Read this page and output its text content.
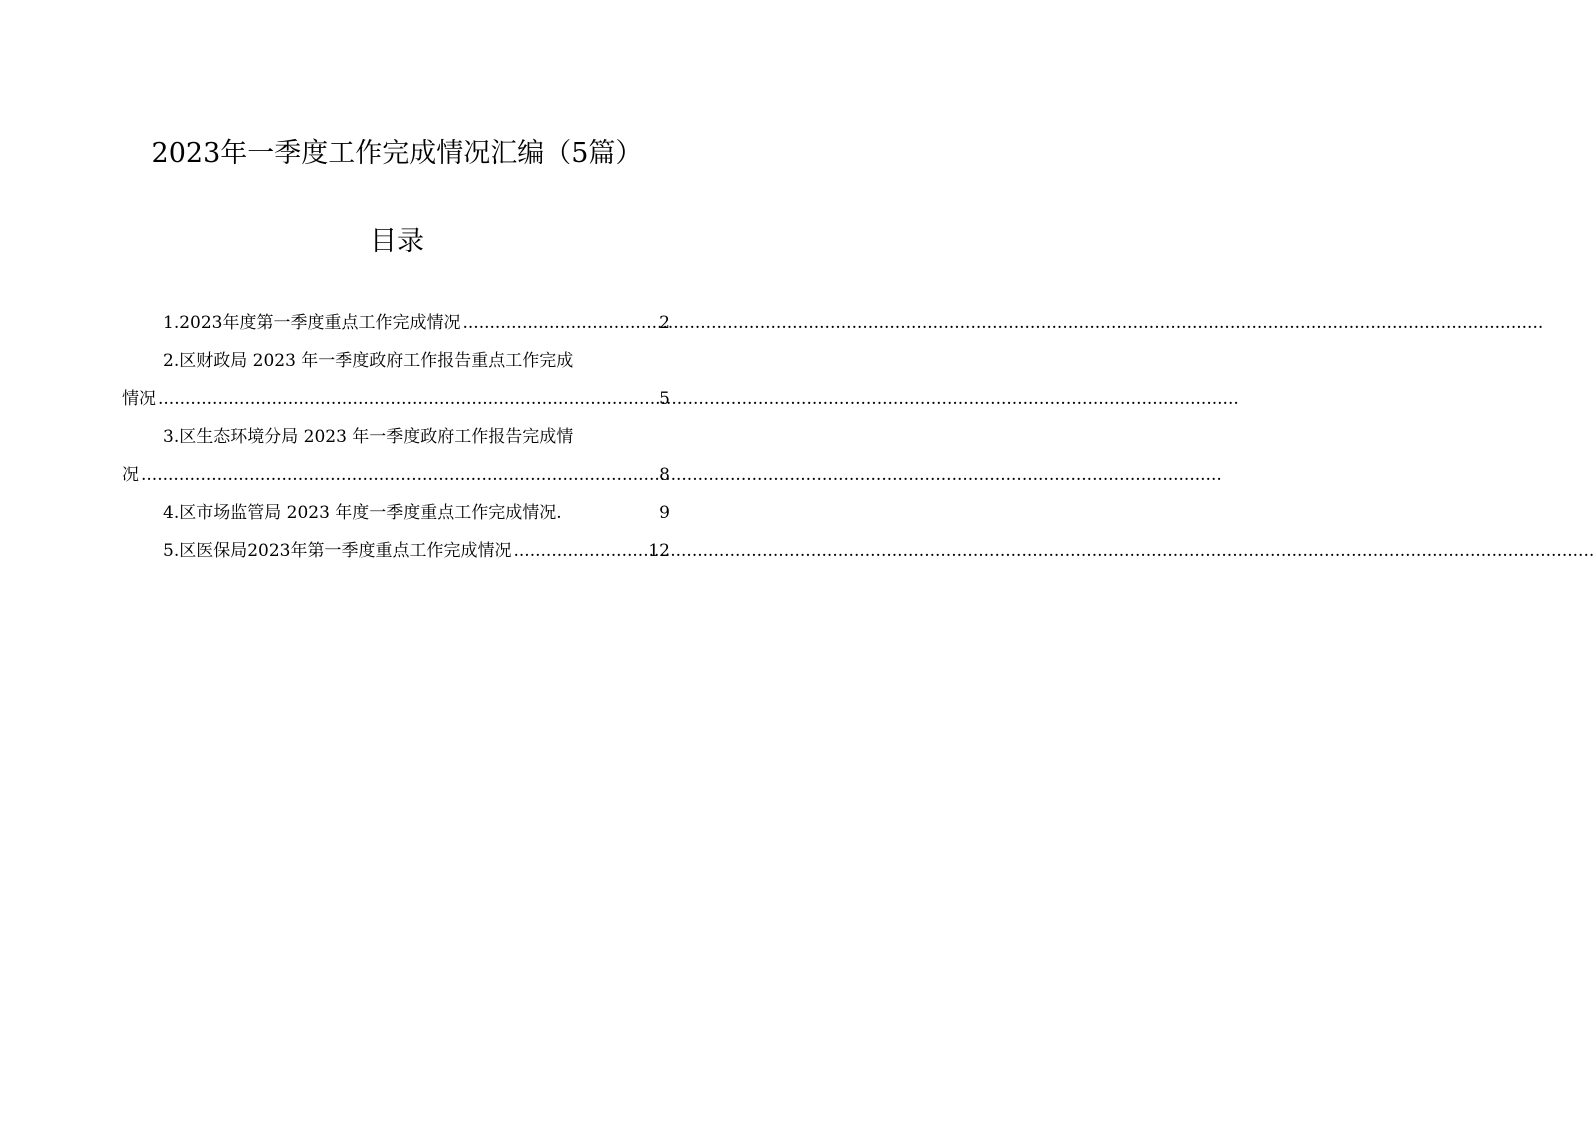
2023年一季度工作完成情况汇编（5篇）
目录
1. 2023年度第一季度重点工作完成情况 .....	2
2. 区财政局 2023 年一季度政府工作报告重点工作完成
情况 .....	5
3. 区生态环境分局 2023 年一季度政府工作报告完成情
况 .....	8
4. 区市场监管局 2023 年度一季度重点工作完成情况.	9
5. 区医保局2023年第一季度重点工作完成情况 .....	12
